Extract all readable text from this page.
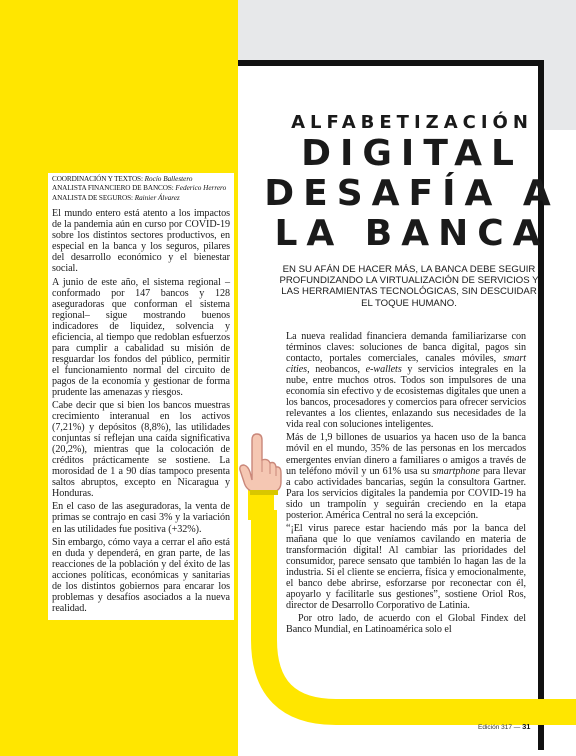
COORDINACIÓN Y TEXTOS: Rocío Ballestero
ANALISTA FINANCIERO DE BANCOS: Federico Herrero
ANALISTA DE SEGUROS: Rainier Álvarez

El mundo entero está atento a los impactos de la pandemia aún en curso por COVID-19 sobre los distintos sectores productivos, en especial en la banca y los seguros, pilares del desarrollo económico y el bienestar social.

A junio de este año, el sistema regional –conformado por 147 bancos y 128 aseguradoras que conforman el sistema regional– sigue mostrando buenos indicadores de liquidez, solvencia y eficiencia, al tiempo que redoblan esfuerzos para cumplir a cabalidad su misión de resguardar los fondos del público, permitir el funcionamiento normal del circuito de pagos de la economía y gestionar de forma prudente las amenazas y riesgos.

Cabe decir que si bien los bancos muestras crecimiento interanual en los activos (7,21%) y depósitos (8,8%), las utilidades conjuntas sí reflejan una caída significativa (20,2%), mientras que la colocación de créditos prácticamente se sostiene. La morosidad de 1 a 90 días tampoco presenta saltos abruptos, excepto en Nicaragua y Honduras.

En el caso de las aseguradoras, la venta de primas se contrajo en casi 3% y la variación en las utilidades fue positiva (+32%).

Sin embargo, cómo vaya a cerrar el año está en duda y dependerá, en gran parte, de las reacciones de la población y del éxito de las acciones políticas, económicas y sanitarias de los distintos gobiernos para encarar los problemas y desafíos asociados a la nueva realidad.

ALFABETIZACIÓN
DIGITAL
DESAFÍA A
LA BANCA
EN SU AFÁN DE HACER MÁS, LA BANCA DEBE SEGUIR PROFUNDIZANDO LA VIRTUALIZACIÓN DE SERVICIOS Y LAS HERRAMIENTAS TECNOLÓGICAS, SIN DESCUIDAR EL TOQUE HUMANO.

La nueva realidad financiera demanda familiarizarse con términos claves: soluciones de banca digital, pagos sin contacto, portales comerciales, canales móviles, smart cities, neobancos, e-wallets y servicios integrales en la nube, entre muchos otros. Todos son impulsores de una economía sin efectivo y de ecosistemas digitales que unen a los bancos, procesadores y comercios para ofrecer servicios relevantes a los clientes, enlazando sus necesidades de la vida real con soluciones inteligentes.

Más de 1,9 billones de usuarios ya hacen uso de la banca móvil en el mundo, 35% de las personas en los mercados emergentes envían dinero a familiares o amigos a través de un teléfono móvil y un 61% usa su smartphone para llevar a cabo actividades bancarias, según la consultora Gartner. Para los servicios digitales la pandemia por COVID-19 ha sido un trampolín y seguirán creciendo en la etapa posterior. América Central no será la excepción.

“¡El virus parece estar haciendo más por la banca del mañana que lo que veníamos cavilando en materia de transformación digital! Al cambiar las prioridades del consumidor, parece sensato que también lo hagan las de la industria. Si el cliente se encierra, física y emocionalmente, el banco debe abrirse, esforzarse por reconectar con él, apoyarlo y facilitarle sus gestiones”, sostiene Oriol Ros, director de Desarrollo Corporativo de Latinia.

Por otro lado, de acuerdo con el Global Findex del Banco Mundial, en Latinoamérica solo el

Edición 317 — 31
